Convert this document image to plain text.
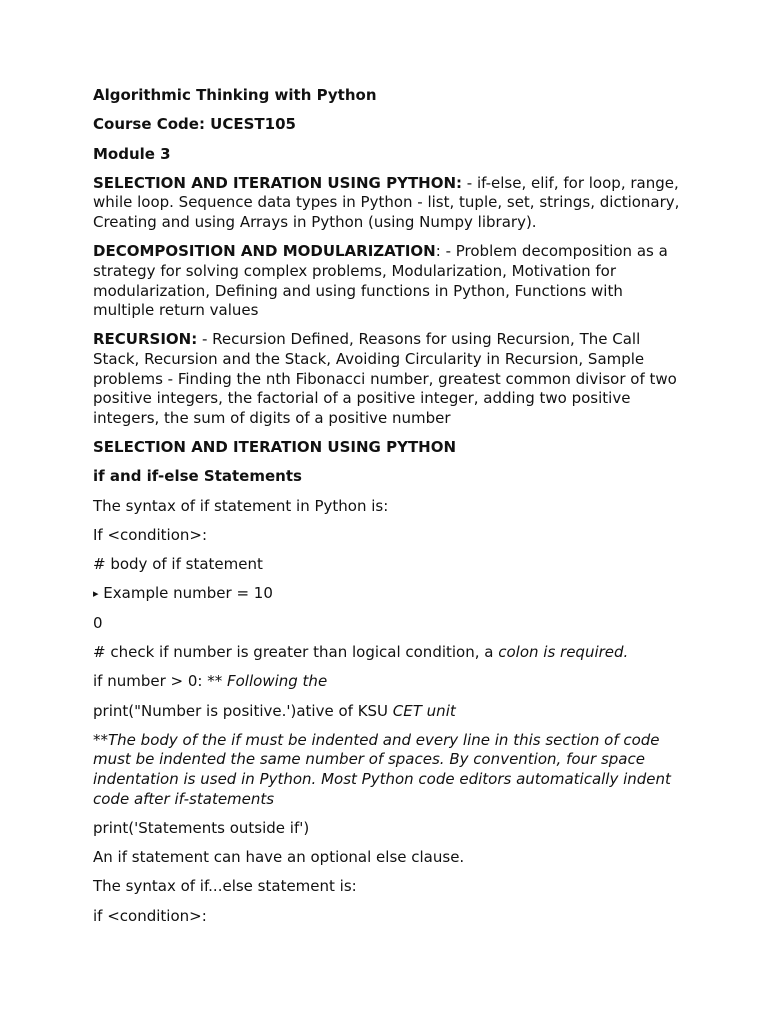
Algorithmic Thinking with Python

Course Code: UCEST105

Module 3

SELECTION AND ITERATION USING PYTHON: - if-else, elif, for loop, range, while loop. Sequence data types in Python - list, tuple, set, strings, dictionary, Creating and using Arrays in Python (using Numpy library).

DECOMPOSITION AND MODULARIZATION: - Problem decomposition as a strategy for solving complex problems, Modularization, Motivation for modularization, Defining and using functions in Python, Functions with multiple return values

RECURSION: - Recursion Defined, Reasons for using Recursion, The Call Stack, Recursion and the Stack, Avoiding Circularity in Recursion, Sample problems - Finding the nth Fibonacci number, greatest common divisor of two positive integers, the factorial of a positive integer, adding two positive integers, the sum of digits of a positive number

SELECTION AND ITERATION USING PYTHON

if and if-else Statements

The syntax of if statement in Python is:

If <condition>:

# body of if statement

▸ Example number = 10

0

# check if number is greater than logical condition, a colon is required.

if number > 0: ** Following the

print("Number is positive.')ative of KSU CET unit

**The body of the if must be indented and every line in this section of code must be indented the same number of spaces. By convention, four space indentation is used in Python. Most Python code editors automatically indent code after if-statements

print('Statements outside if')

An if statement can have an optional else clause.

The syntax of if...else statement is:

if <condition>:
